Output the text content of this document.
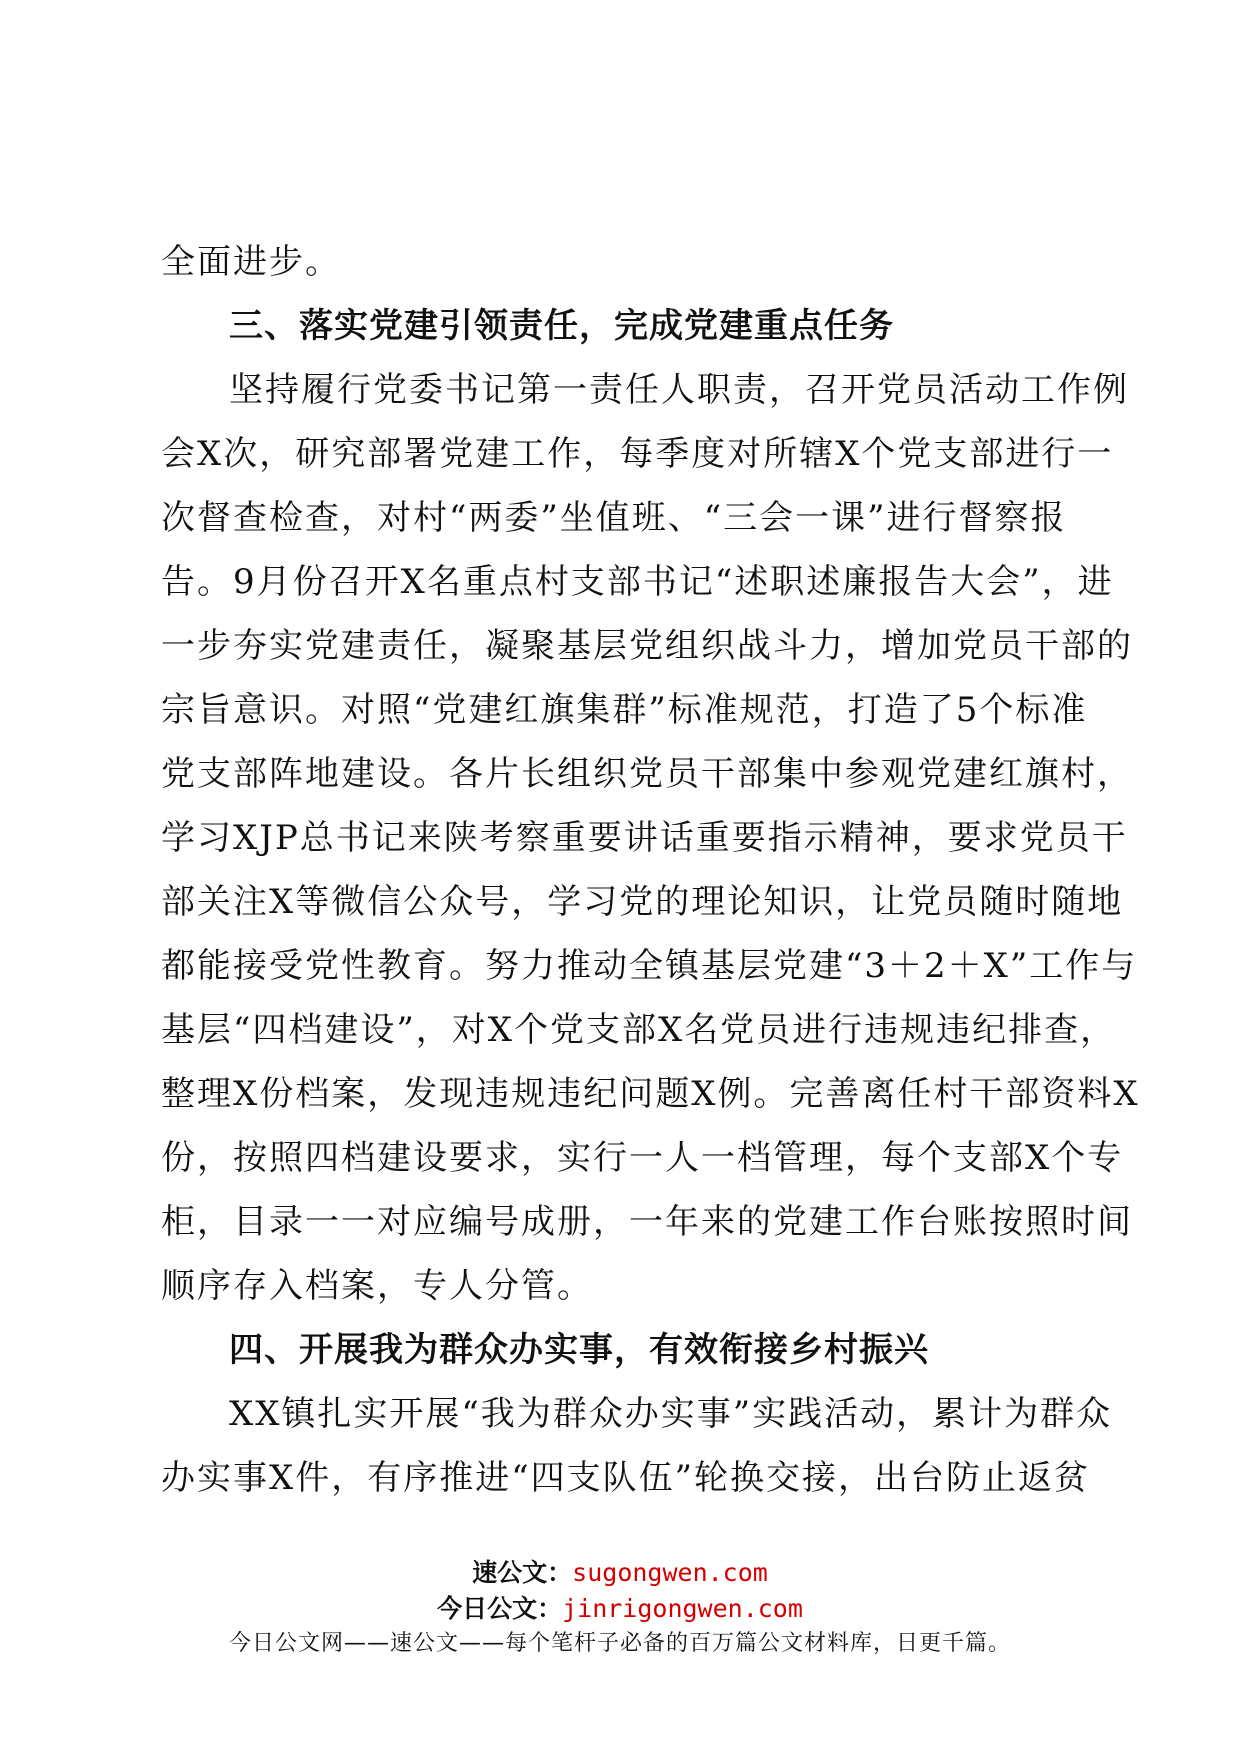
全面进步。
三、落实党建引领责任，完成党建重点任务
坚持履行党委书记第一责任人职责，召开党员活动工作例
会X次，研究部署党建工作，每季度对所辖X个党支部进行一
次督查检查，对村“两委”坐值班、“三会一课”进行督察报
告。9月份召开X名重点村支部书记“述职述廉报告大会”，进
一步夯实党建责任，凝聚基层党组织战斗力，增加党员干部的
宗旨意识。对照“党建红旗集群”标准规范，打造了5个标准
党支部阵地建设。各片长组织党员干部集中参观党建红旗村，
学习XJP总书记来陕考察重要讲话重要指示精神，要求党员干
部关注X等微信公众号，学习党的理论知识，让党员随时随地
都能接受党性教育。努力推动全镇基层党建“3＋2＋X”工作与
基层“四档建设”，对X个党支部X名党员进行违规违纪排查，
整理X份档案，发现违规违纪问题X例。完善离任村干部资料X
份，按照四档建设要求，实行一人一档管理，每个支部X个专
柜，目录一一对应编号成册，一年来的党建工作台账按照时间
顺序存入档案，专人分管。
四、开展我为群众办实事，有效衔接乡村振兴
XX镇扎实开展“我为群众办实事”实践活动，累计为群众
办实事X件，有序推进“四支队伍”轮换交接，出台防止返贫
速公文：sugongwen.com
今日公文：jinrigongwen.com
今日公文网——速公文——每个笔杆子必备的百万篇公文材料库，日更千篇。
